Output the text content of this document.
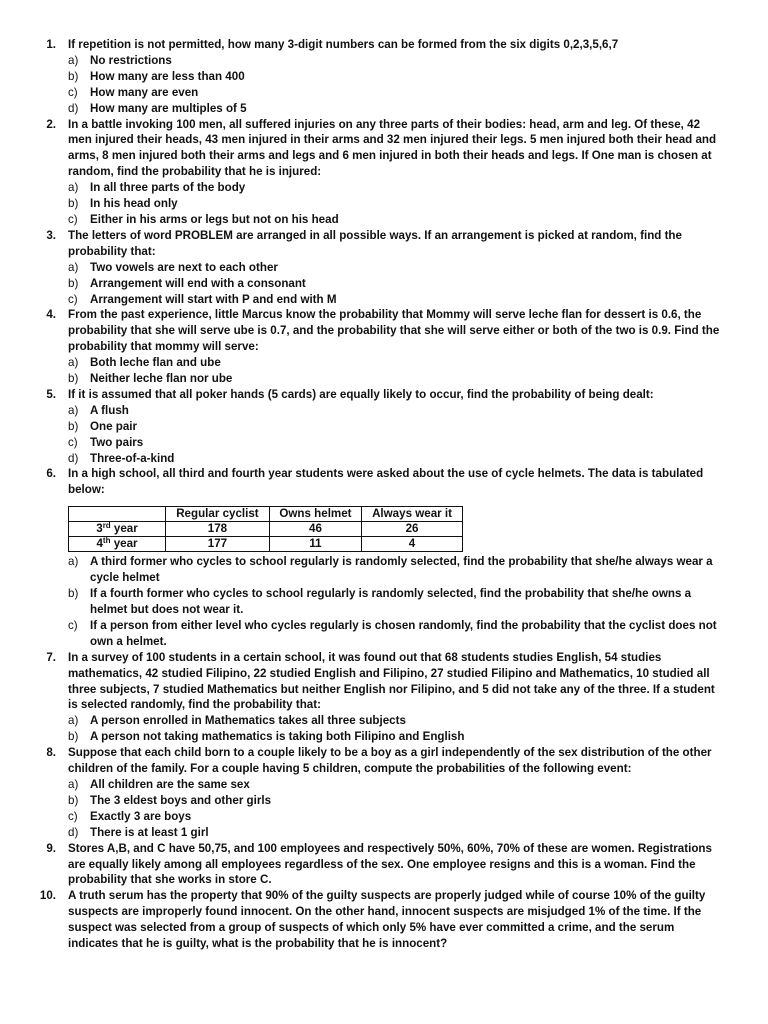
1. If repetition is not permitted, how many 3-digit numbers can be formed from the six digits 0,2,3,5,6,7
a) No restrictions
b) How many are less than 400
c) How many are even
d) How many are multiples of 5
2. In a battle invoking 100 men, all suffered injuries on any three parts of their bodies: head, arm and leg. Of these, 42 men injured their heads, 43 men injured in their arms and 32 men injured their legs. 5 men injured both their head and arms, 8 men injured both their arms and legs and 6 men injured in both their heads and legs. If One man is chosen at random, find the probability that he is injured:
a) In all three parts of the body
b) In his head only
c) Either in his arms or legs but not on his head
3. The letters of word PROBLEM are arranged in all possible ways. If an arrangement is picked at random, find the probability that:
a) Two vowels are next to each other
b) Arrangement will end with a consonant
c) Arrangement will start with P and end with M
4. From the past experience, little Marcus know the probability that Mommy will serve leche flan for dessert is 0.6, the probability that she will serve ube is 0.7, and the probability that she will serve either or both of the two is 0.9. Find the probability that mommy will serve:
a) Both leche flan and ube
b) Neither leche flan nor ube
5. If it is assumed that all poker hands (5 cards) are equally likely to occur, find the probability of being dealt:
a) A flush
b) One pair
c) Two pairs
d) Three-of-a-kind
6. In a high school, all third and fourth year students were asked about the use of cycle helmets. The data is tabulated below:
	Regular cyclist	Owns helmet	Always wear it
3rd year	178	46	26
4th year	177	11	4
a) A third former who cycles to school regularly is randomly selected, find the probability that she/he always wear a cycle helmet
b) If a fourth former who cycles to school regularly is randomly selected, find the probability that she/he owns a helmet but does not wear it.
c) If a person from either level who cycles regularly is chosen randomly, find the probability that the cyclist does not own a helmet.
7. In a survey of 100 students in a certain school, it was found out that 68 students studies English, 54 studies mathematics, 42 studied Filipino, 22 studied English and Filipino, 27 studied Filipino and Mathematics, 10 studied all three subjects, 7 studied Mathematics but neither English nor Filipino, and 5 did not take any of the three. If a student is selected randomly, find the probability that:
a) A person enrolled in Mathematics takes all three subjects
b) A person not taking mathematics is taking both Filipino and English
8. Suppose that each child born to a couple likely to be a boy as a girl independently of the sex distribution of the other children of the family. For a couple having 5 children, compute the probabilities of the following event:
a) All children are the same sex
b) The 3 eldest boys and other girls
c) Exactly 3 are boys
d) There is at least 1 girl
9. Stores A,B, and C have 50,75, and 100 employees and respectively 50%, 60%, 70% of these are women. Registrations are equally likely among all employees regardless of the sex. One employee resigns and this is a woman. Find the probability that she works in store C.
10. A truth serum has the property that 90% of the guilty suspects are properly judged while of course 10% of the guilty suspects are improperly found innocent. On the other hand, innocent suspects are misjudged 1% of the time. If the suspect was selected from a group of suspects of which only 5% have ever committed a crime, and the serum indicates that he is guilty, what is the probability that he is innocent?
